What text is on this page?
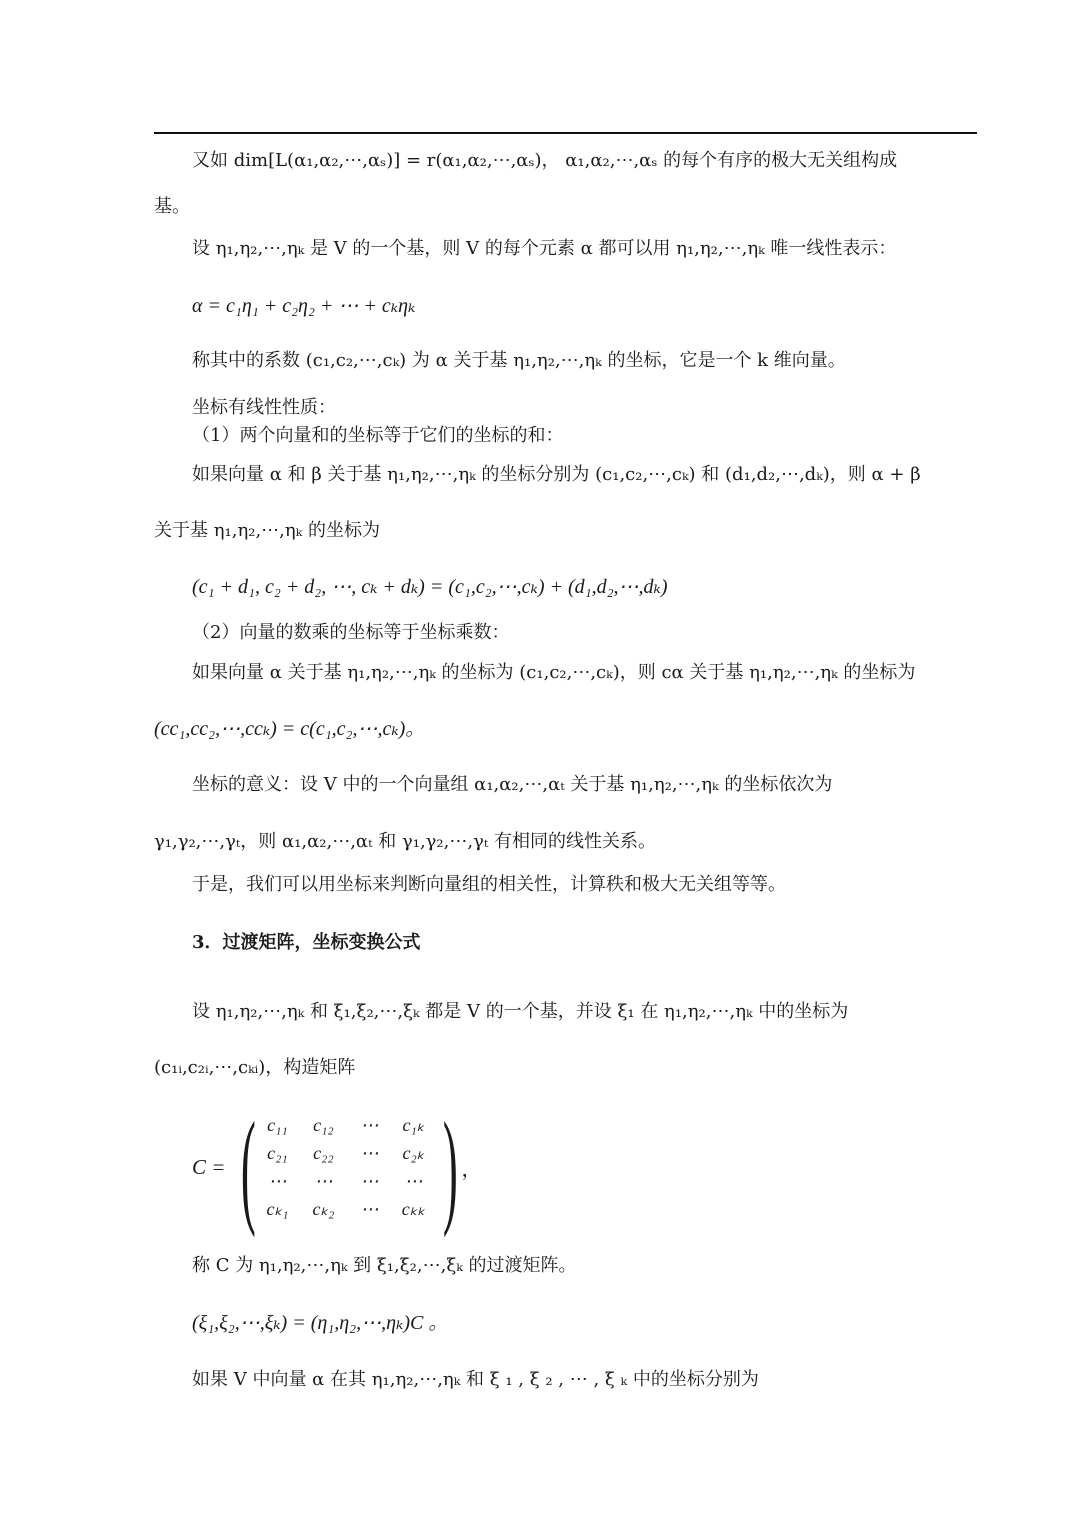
又如 dim[L(α₁,α₂,⋯,αₛ)] = r(α₁,α₂,⋯,αₛ)， α₁,α₂,⋯,αₛ 的每个有序的极大无关组构成
基。
设 η₁,η₂,⋯,ηₖ 是 V 的一个基，则 V 的每个元素 α 都可以用 η₁,η₂,⋯,ηₖ 唯一线性表示：
α = c₁η₁ + c₂η₂ + ⋯ + cₖηₖ
称其中的系数 (c₁,c₂,⋯,cₖ) 为 α 关于基 η₁,η₂,⋯,ηₖ 的坐标，它是一个 k 维向量。
坐标有线性性质：
（1）两个向量和的坐标等于它们的坐标的和：
如果向量 α 和 β 关于基 η₁,η₂,⋯,ηₖ 的坐标分别为 (c₁,c₂,⋯,cₖ) 和 (d₁,d₂,⋯,dₖ)，则 α + β
关于基 η₁,η₂,⋯,ηₖ 的坐标为
(c₁ + d₁, c₂ + d₂, ⋯, cₖ + dₖ) = (c₁,c₂,⋯,cₖ) + (d₁,d₂,⋯,dₖ)
（2）向量的数乘的坐标等于坐标乘数：
如果向量 α 关于基 η₁,η₂,⋯,ηₖ 的坐标为 (c₁,c₂,⋯,cₖ)，则 cα 关于基 η₁,η₂,⋯,ηₖ 的坐标为
(cc₁,cc₂,⋯,ccₖ) = c(c₁,c₂,⋯,cₖ)。
坐标的意义：设 V 中的一个向量组 α₁,α₂,⋯,αₜ 关于基 η₁,η₂,⋯,ηₖ 的坐标依次为
γ₁,γ₂,⋯,γₜ，则 α₁,α₂,⋯,αₜ 和 γ₁,γ₂,⋯,γₜ 有相同的线性关系。
于是，我们可以用坐标来判断向量组的相关性，计算秩和极大无关组等等。
3．过渡矩阵，坐标变换公式
设 η₁,η₂,⋯,ηₖ 和 ξ₁,ξ₂,⋯,ξₖ 都是 V 的一个基，并设 ξ₁ 在 η₁,η₂,⋯,ηₖ 中的坐标为
(c₁ᵢ,c₂ᵢ,⋯,cₖᵢ)，构造矩阵
C = ( c₁₁	c₁₂	⋯	c₁ₖ
c₂₁	c₂₂	⋯	c₂ₖ
⋯	⋯	⋯	⋯
cₖ₁	cₖ₂	⋯	cₖₖ ) ，
称 C 为 η₁,η₂,⋯,ηₖ 到 ξ₁,ξ₂,⋯,ξₖ 的过渡矩阵。
(ξ₁,ξ₂,⋯,ξₖ) = (η₁,η₂,⋯,ηₖ)C 。
如果 V 中向量 α 在其 η₁,η₂,⋯,ηₖ 和 ξ ₁ , ξ ₂ , ⋯ , ξ ₖ 中的坐标分别为
